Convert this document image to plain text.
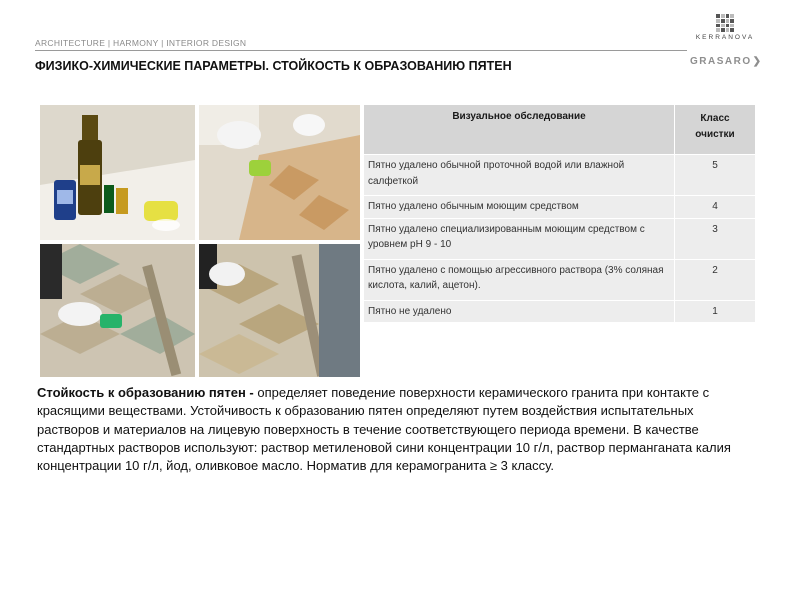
ARCHITECTURE | HARMONY | INTERIOR DESIGN
KERRANOVA
ФИЗИКО-ХИМИЧЕСКИЕ ПАРАМЕТРЫ. СТОЙКОСТЬ К ОБРАЗОВАНИЮ ПЯТЕН	GRASARO❯
Визуальное обследование	Класс
очистки
Пятно удалено обычной проточной водой или влажной салфеткой	5
Пятно удалено обычным моющим средством	4
Пятно удалено специализированным моющим средством с уровнем pH 9 - 10	3
Пятно удалено с помощью агрессивного раствора (3% соляная кислота, калий, ацетон).	2
Пятно не удалено	1
Стойкость к образованию пятен - определяет поведение поверхности керамического гранита при контакте с красящими веществами. Устойчивость к образованию пятен определяют путем воздействия испытательных растворов и материалов на лицевую поверхность в течение соответствующего периода времени. В качестве стандартных растворов используют: раствор метиленовой сини концентрации 10 г/л, раствор перманганата калия концентрации 10 г/л, йод, оливковое масло. Норматив для керамогранита ≥ 3 классу.
